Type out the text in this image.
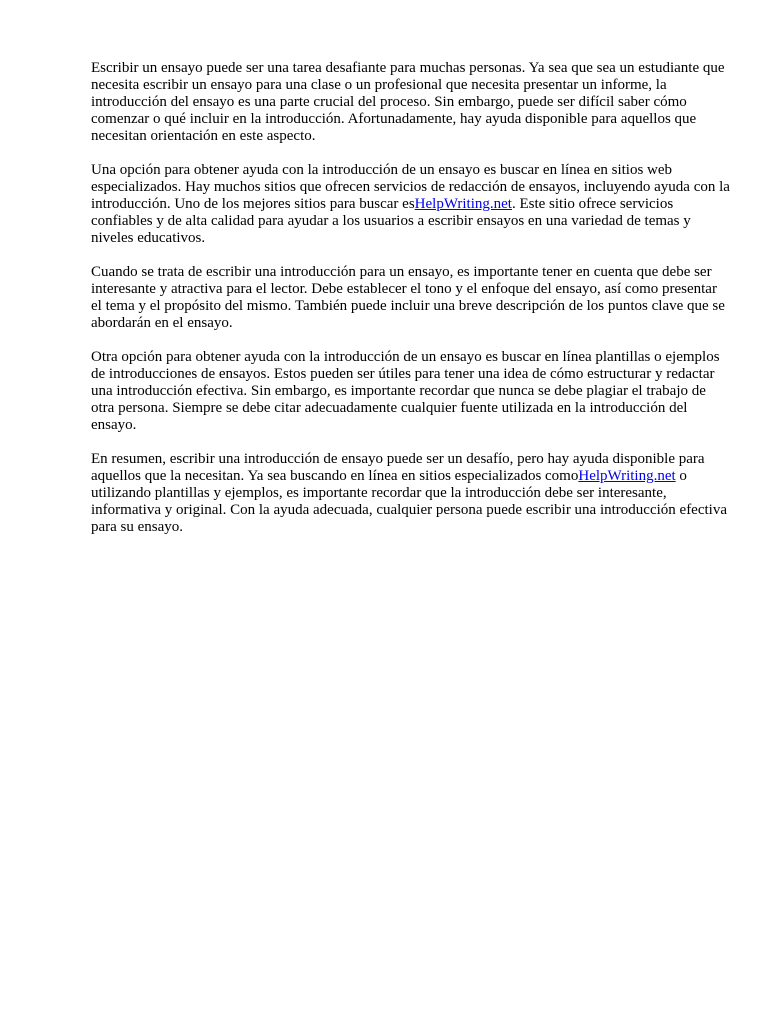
Escribir un ensayo puede ser una tarea desafiante para muchas personas. Ya sea que sea un estudiante que necesita escribir un ensayo para una clase o un profesional que necesita presentar un informe, la introducción del ensayo es una parte crucial del proceso. Sin embargo, puede ser difícil saber cómo comenzar o qué incluir en la introducción. Afortunadamente, hay ayuda disponible para aquellos que necesitan orientación en este aspecto.

Una opción para obtener ayuda con la introducción de un ensayo es buscar en línea en sitios web especializados. Hay muchos sitios que ofrecen servicios de redacción de ensayos, incluyendo ayuda con la introducción. Uno de los mejores sitios para buscar esHelpWriting.net. Este sitio ofrece servicios confiables y de alta calidad para ayudar a los usuarios a escribir ensayos en una variedad de temas y niveles educativos.

Cuando se trata de escribir una introducción para un ensayo, es importante tener en cuenta que debe ser interesante y atractiva para el lector. Debe establecer el tono y el enfoque del ensayo, así como presentar el tema y el propósito del mismo. También puede incluir una breve descripción de los puntos clave que se abordarán en el ensayo.

Otra opción para obtener ayuda con la introducción de un ensayo es buscar en línea plantillas o ejemplos de introducciones de ensayos. Estos pueden ser útiles para tener una idea de cómo estructurar y redactar una introducción efectiva. Sin embargo, es importante recordar que nunca se debe plagiar el trabajo de otra persona. Siempre se debe citar adecuadamente cualquier fuente utilizada en la introducción del ensayo.

En resumen, escribir una introducción de ensayo puede ser un desafío, pero hay ayuda disponible para aquellos que la necesitan. Ya sea buscando en línea en sitios especializados comoHelpWriting.net o utilizando plantillas y ejemplos, es importante recordar que la introducción debe ser interesante, informativa y original. Con la ayuda adecuada, cualquier persona puede escribir una introducción efectiva para su ensayo.
